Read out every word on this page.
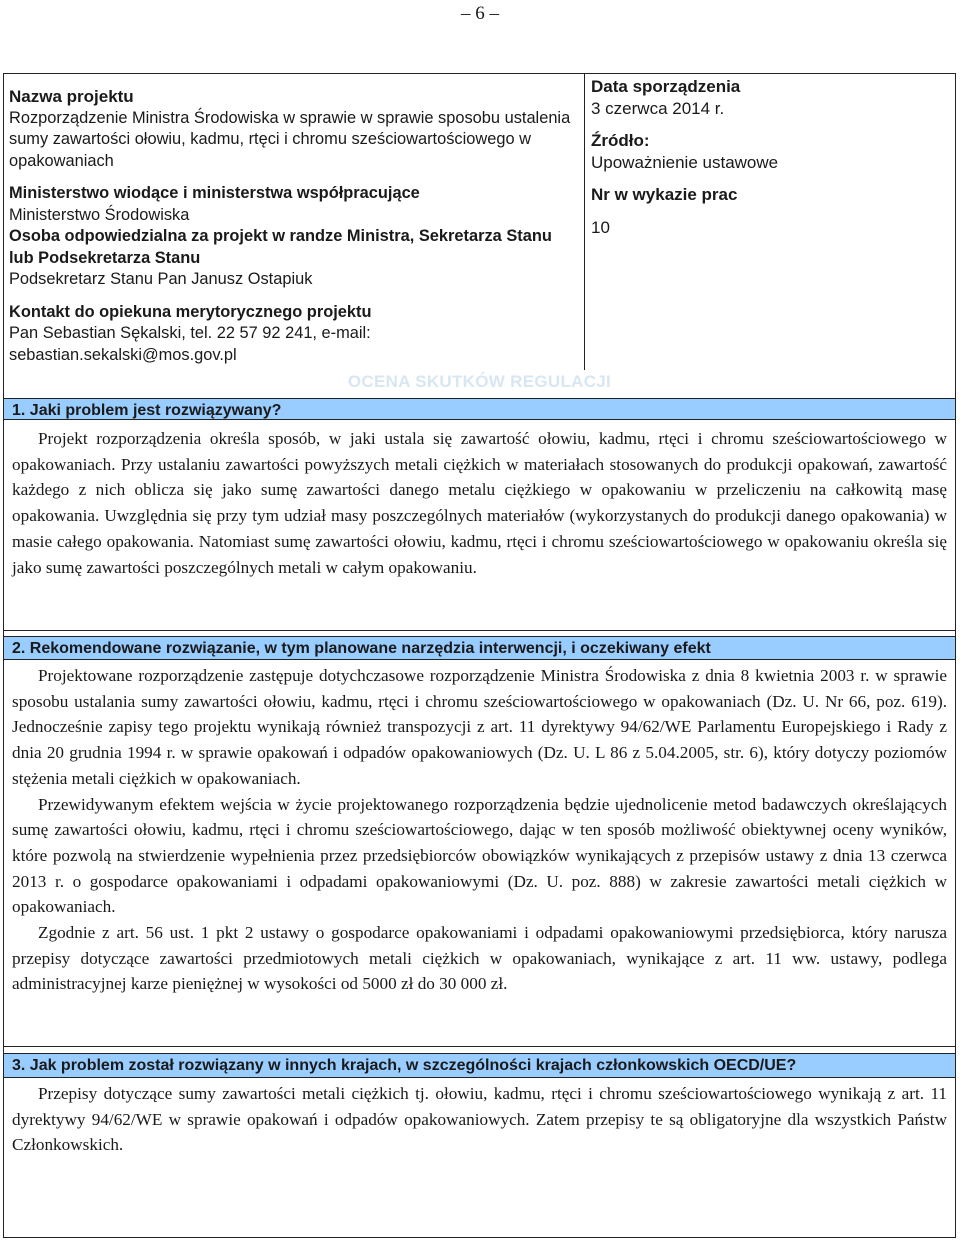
– 6 –
Nazwa projektu
Rozporządzenie Ministra Środowiska w sprawie w sprawie sposobu ustalenia sumy zawartości ołowiu, kadmu, rtęci i chromu sześciowartościowego w opakowaniach
Ministerstwo wiodące i ministerstwa współpracujące
Ministerstwo Środowiska
Osoba odpowiedzialna za projekt w randze Ministra, Sekretarza Stanu lub Podsekretarza Stanu
Podsekretarz Stanu Pan Janusz Ostapiuk
Kontakt do opiekuna merytorycznego projektu
Pan Sebastian Sękalski, tel. 22 57 92 241, e-mail: sebastian.sekalski@mos.gov.pl
Data sporządzenia
3 czerwca 2014 r.
Źródło:
Upoważnienie ustawowe
Nr w wykazie prac
10
OCENA SKUTKÓW REGULACJI
1. Jaki problem jest rozwiązywany?

Projekt rozporządzenia określa sposób, w jaki ustala się zawartość ołowiu, kadmu, rtęci i chromu sześciowartościowego w opakowaniach. Przy ustalaniu zawartości powyższych metali ciężkich w materiałach stosowanych do produkcji opakowań, zawartość każdego z nich oblicza się jako sumę zawartości danego metalu ciężkiego w opakowaniu w przeliczeniu na całkowitą masę opakowania. Uwzględnia się przy tym udział masy poszczególnych materiałów (wykorzystanych do produkcji danego opakowania) w masie całego opakowania. Natomiast sumę zawartości ołowiu, kadmu, rtęci i chromu sześciowartościowego w opakowaniu określa się jako sumę zawartości poszczególnych metali w całym opakowaniu.

2. Rekomendowane rozwiązanie, w tym planowane narzędzia interwencji, i oczekiwany efekt

Projektowane rozporządzenie zastępuje dotychczasowe rozporządzenie Ministra Środowiska z dnia 8 kwietnia 2003 r. w sprawie sposobu ustalania sumy zawartości ołowiu, kadmu, rtęci i chromu sześciowartościowego w opakowaniach (Dz. U. Nr 66, poz. 619). Jednocześnie zapisy tego projektu wynikają również transpozycji z art. 11 dyrektywy 94/62/WE Parlamentu Europejskiego i Rady z dnia 20 grudnia 1994 r. w sprawie opakowań i odpadów opakowaniowych (Dz. U. L 86 z 5.04.2005, str. 6), który dotyczy poziomów stężenia metali ciężkich w opakowaniach.

Przewidywanym efektem wejścia w życie projektowanego rozporządzenia będzie ujednolicenie metod badawczych określających sumę zawartości ołowiu, kadmu, rtęci i chromu sześciowartościowego, dając w ten sposób możliwość obiektywnej oceny wyników, które pozwolą na stwierdzenie wypełnienia przez przedsiębiorców obowiązków wynikających z przepisów ustawy z dnia 13 czerwca 2013 r. o gospodarce opakowaniami i odpadami opakowaniowymi (Dz. U. poz. 888) w zakresie zawartości metali ciężkich w opakowaniach.

Zgodnie z art. 56 ust. 1 pkt 2 ustawy o gospodarce opakowaniami i odpadami opakowaniowymi przedsiębiorca, który narusza przepisy dotyczące zawartości przedmiotowych metali ciężkich w opakowaniach, wynikające z art. 11 ww. ustawy, podlega administracyjnej karze pieniężnej w wysokości od 5000 zł do 30 000 zł.

3. Jak problem został rozwiązany w innych krajach, w szczególności krajach członkowskich OECD/UE?

Przepisy dotyczące sumy zawartości metali ciężkich tj. ołowiu, kadmu, rtęci i chromu sześciowartościowego wynikają z art. 11 dyrektywy 94/62/WE w sprawie opakowań i odpadów opakowaniowych. Zatem przepisy te są obligatoryjne dla wszystkich Państw Członkowskich.
